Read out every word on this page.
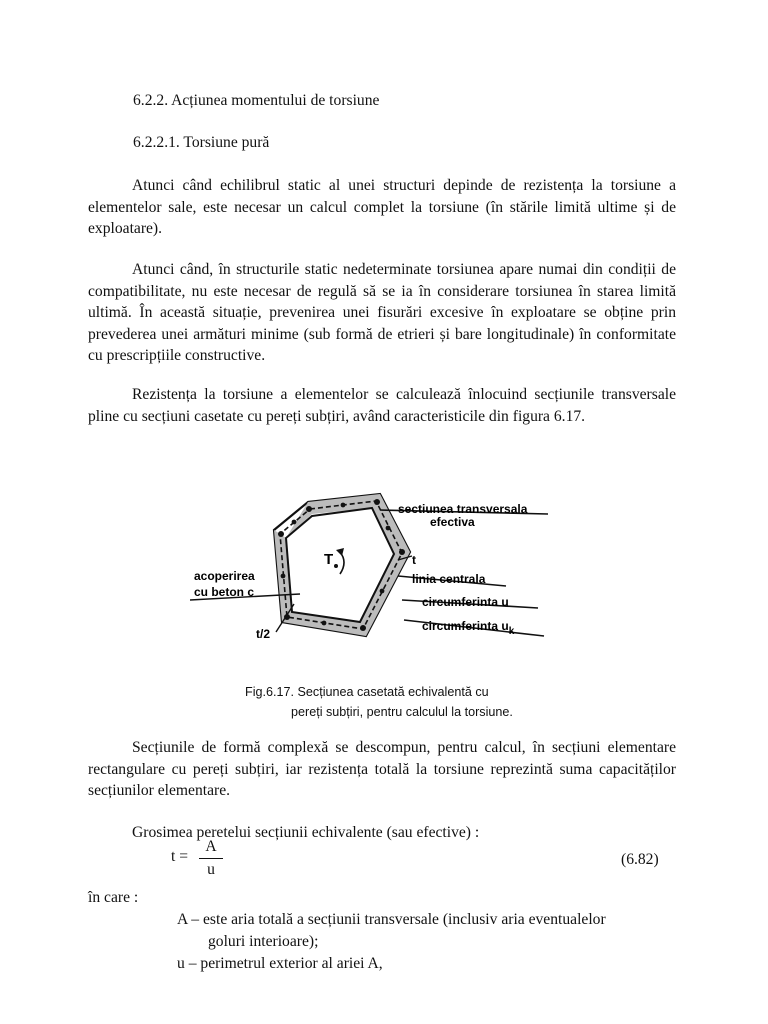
6.2.2. Acțiunea momentului de torsiune

6.2.2.1. Torsiune pură

Atunci când echilibrul static al unei structuri depinde de rezistența la torsiune a elementelor sale, este necesar un calcul complet la torsiune (în stările limită ultime și de exploatare).

Atunci când, în structurile static nedeterminate torsiunea apare numai din condiții de compatibilitate, nu este necesar de regulă să se ia în considerare torsiunea în starea limită ultimă. În această situație, prevenirea unei fisurări excesive în exploatare se obține prin prevederea unei armături minime (sub formă de etrieri și bare longitudinale) în conformitate cu prescripțiile constructive.

Rezistența la torsiune a elementelor se calculează înlocuind secțiunile transversale pline cu secțiuni casetate cu pereți subțiri, având caracteristicile din figura 6.17.

T
sectiunea transversala
efectiva
t
linia centrala
circumferinta u
circumferinta $u_k$
acoperirea
cu beton c
t/2
Fig.6.17. Secțiunea casetată echivalentă cu
pereți subțiri, pentru calculul la torsiune.

Secțiunile de formă complexă se descompun, pentru calcul, în secțiuni elementare rectangulare cu pereți subțiri, iar rezistența totală la torsiune reprezintă suma capacităților secțiunilor elementare.

Grosimea peretelui secțiunii echivalente (sau efective) :

t =
A
u
(6.82)
în care :
A – este aria totală a secțiunii transversale (inclusiv aria eventualelor
goluri interioare);
u – perimetrul exterior al ariei A,
